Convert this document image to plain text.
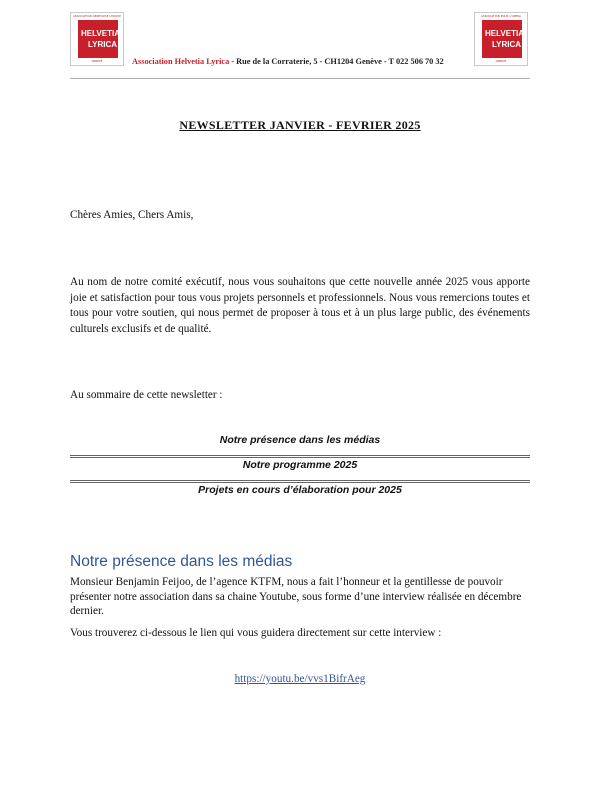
ASSOCIATION GENEVOISE LYRIQUE
HELVETIA
LYRICA
GENEVE
ASSOCIATION POUR L'OPERA
HELVETIA
LYRICA
GENEVE
Association Helvetia Lyrica - Rue de la Corraterie, 5 - CH1204 Genève - T 022 506 70 32
NEWSLETTER JANVIER - FEVRIER 2025
Chères Amies, Chers Amis,
Au nom de notre comité exécutif, nous vous souhaitons que cette nouvelle année 2025 vous apporte joie et satisfaction pour tous vous projets personnels et professionnels. Nous vous remercions toutes et tous pour votre soutien, qui nous permet de proposer à tous et à un plus large public, des événements culturels exclusifs et de qualité.
Au sommaire de cette newsletter :
Notre présence dans les médias
Notre programme 2025
Projets en cours d’élaboration pour 2025
Notre présence dans les médias
Monsieur Benjamin Feijoo, de l’agence KTFM, nous a fait l’honneur et la gentillesse de pouvoir présenter notre association dans sa chaine Youtube, sous forme d’une interview réalisée en décembre dernier.
Vous trouverez ci-dessous le lien qui vous guidera directement sur cette interview :
https://youtu.be/vvs1BifrAeg
